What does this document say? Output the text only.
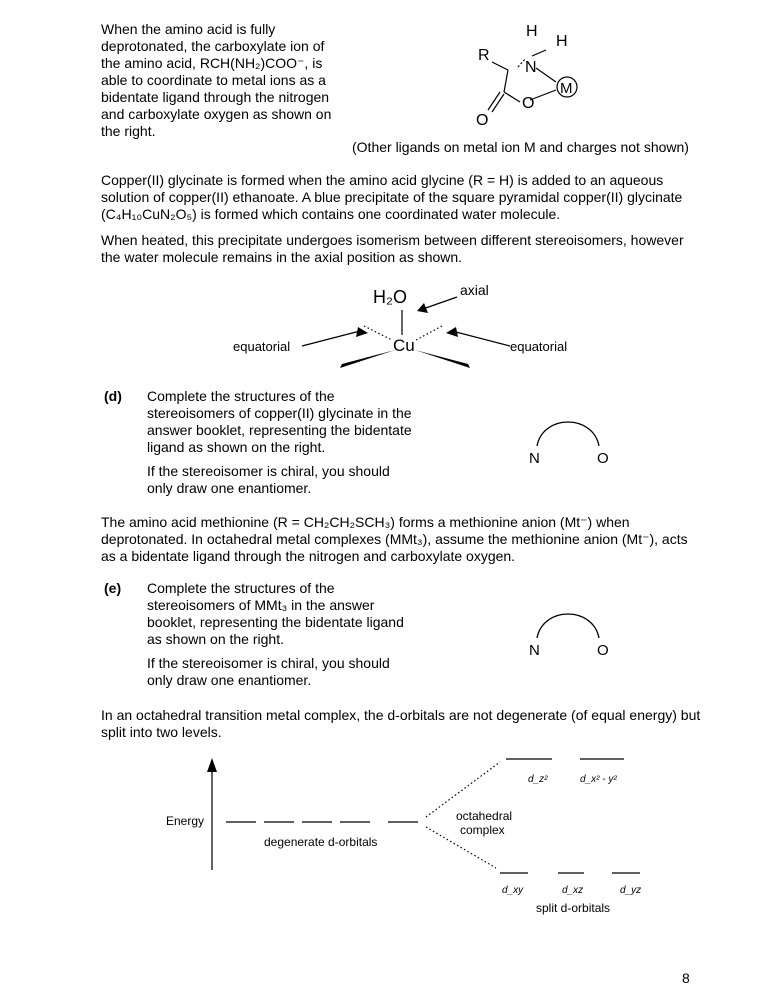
When the amino acid is fully deprotonated, the carboxylate ion of the amino acid, RCH(NH₂)COO⁻, is able to coordinate to metal ions as a bidentate ligand through the nitrogen and carboxylate oxygen as shown on the right.
(Other ligands on metal ion M and charges not shown)
R
H
H
N
M
O
O
Copper(II) glycinate is formed when the amino acid glycine (R = H) is added to an aqueous solution of copper(II) ethanoate. A blue precipitate of the square pyramidal copper(II) glycinate (C₄H₁₀CuN₂O₅) is formed which contains one coordinated water molecule.
When heated, this precipitate undergoes isomerism between different stereoisomers, however the water molecule remains in the axial position as shown.
H₂O	axial
Cu
equatorial	equatorial
(d) Complete the structures of the stereoisomers of copper(II) glycinate in the answer booklet, representing the bidentate ligand as shown on the right.
If the stereoisomer is chiral, you should only draw one enantiomer.
N	O
The amino acid methionine (R = CH₂CH₂SCH₃) forms a methionine anion (Mt⁻) when deprotonated. In octahedral metal complexes (MMt₃), assume the methionine anion (Mt⁻), acts as a bidentate ligand through the nitrogen and carboxylate oxygen.
(e) Complete the structures of the stereoisomers of MMt₃ in the answer booklet, representing the bidentate ligand as shown on the right.
If the stereoisomer is chiral, you should only draw one enantiomer.
N	O
In an octahedral transition metal complex, the d-orbitals are not degenerate (of equal energy) but split into two levels.
Energy
degenerate d-orbitals
octahedral
complex
d_z²	d_x² - y²
d_xy	d_xz	d_yz
split d-orbitals
8
